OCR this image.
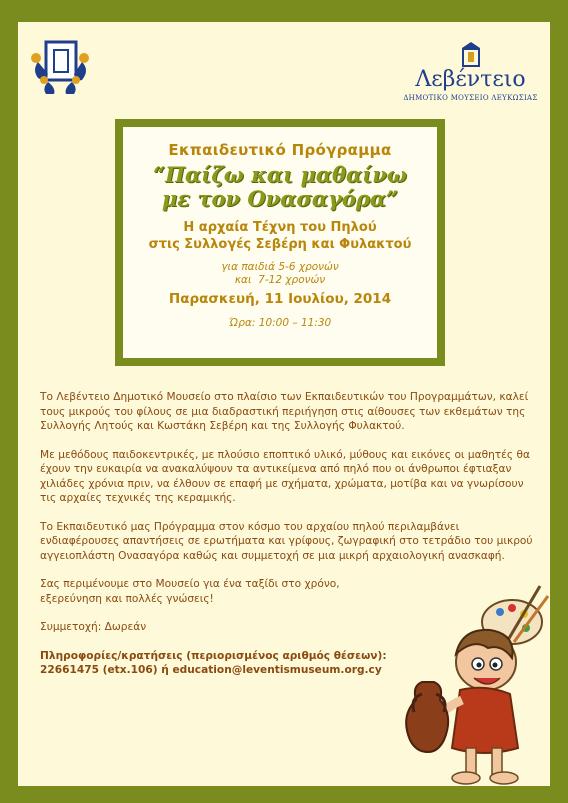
Λεβέντειο
ΔΗΜΟΤΙΚΟ ΜΟΥΣΕΙΟ ΛΕΥΚΩΣΙΑΣ
Εκπαιδευτικό Πρόγραμμα
“Παίζω και μαθαίνω
με τον Ονασαγόρα”
Η αρχαία Τέχνη του Πηλού
στις Συλλογές Σεβέρη και Φυλακτού
για παιδιά 5-6 χρονών
και  7-12 χρονών
Παρασκευή, 11 Ιουλίου, 2014
Ώρα: 10:00 – 11:30

Το Λεβέντειο Δημοτικό Μουσείο στο πλαίσιο των Εκπαιδευτικών του Προγραμμάτων, καλεί τους μικρούς του φίλους σε μια διαδραστική περιήγηση στις αίθουσες των εκθεμάτων της Συλλογής Λητούς και Κωστάκη Σεβέρη και της Συλλογής Φυλακτού.

Με μεθόδους παιδοκεντρικές, με πλούσιο εποπτικό υλικό, μύθους και εικόνες οι μαθητές θα έχουν την ευκαιρία να ανακαλύψουν τα αντικείμενα από πηλό που οι άνθρωποι έφτιαξαν χιλιάδες χρόνια πριν, να έλθουν σε επαφή με σχήματα, χρώματα, μοτίβα και να γνωρίσουν τις αρχαίες τεχνικές της κεραμικής.

Το Εκπαιδευτικό μας Πρόγραμμα στον κόσμο του αρχαίου πηλού περιλαμβάνει ενδιαφέρουσες απαντήσεις σε ερωτήματα και γρίφους, ζωγραφική στο τετράδιο του μικρού αγγειοπλάστη Ονασαγόρα καθώς και συμμετοχή σε μια μικρή αρχαιολογική ανασκαφή.

Σας περιμένουμε στο Μουσείο για ένα ταξίδι στο χρόνο,
εξερεύνηση και πολλές γνώσεις!

Συμμετοχή: Δωρεάν

Πληροφορίες/κρατήσεις (περιορισμένος αριθμός θέσεων):

22661475 (etx.106) ή education@leventismuseum.org.cy
